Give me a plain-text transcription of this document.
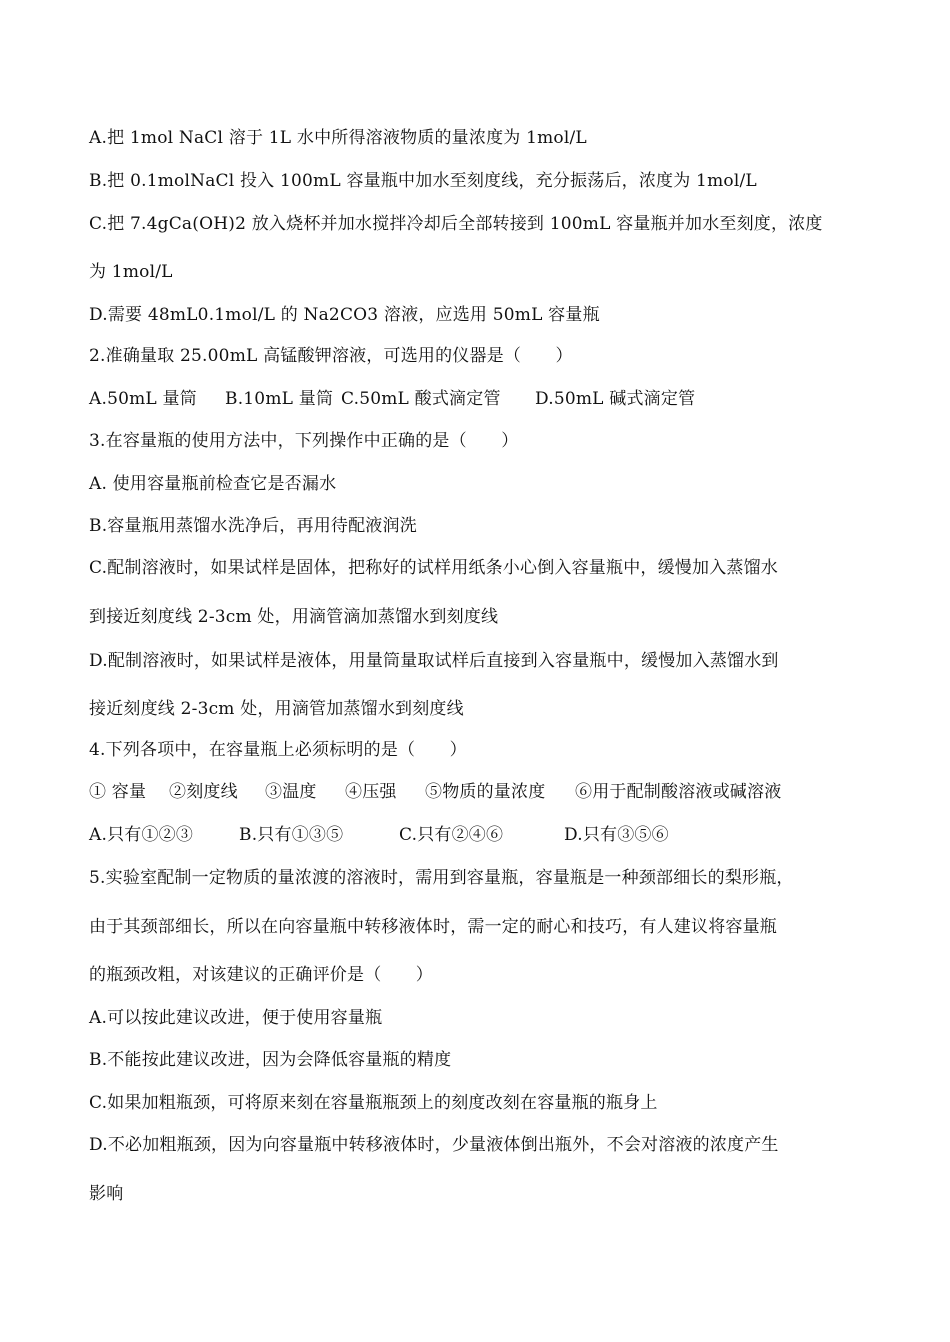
A.把 1mol NaCl 溶于 1L 水中所得溶液物质的量浓度为 1mol/L
B.把 0.1molNaCl 投入 100mL 容量瓶中加水至刻度线，充分振荡后，浓度为 1mol/L
C.把 7.4gCa(OH)2 放入烧杯并加水搅拌冷却后全部转接到 100mL 容量瓶并加水至刻度，浓度
为 1mol/L
D.需要 48mL0.1mol/L 的 Na2CO3 溶液，应选用 50mL 容量瓶
2.准确量取 25.00mL 高锰酸钾溶液，可选用的仪器是（　　）
A.50mL 量筒 B.10mL 量筒 C.50mL 酸式滴定管 D.50mL 碱式滴定管
3.在容量瓶的使用方法中，下列操作中正确的是（　　）
A. 使用容量瓶前检查它是否漏水
B.容量瓶用蒸馏水洗净后，再用待配液润洗
C.配制溶液时，如果试样是固体，把称好的试样用纸条小心倒入容量瓶中，缓慢加入蒸馏水
到接近刻度线 2-3cm 处，用滴管滴加蒸馏水到刻度线
D.配制溶液时，如果试样是液体，用量筒量取试样后直接到入容量瓶中，缓慢加入蒸馏水到
接近刻度线 2-3cm 处，用滴管加蒸馏水到刻度线
4.下列各项中，在容量瓶上必须标明的是（　　）
① 容量 ②刻度线 ③温度 ④压强 ⑤物质的量浓度 ⑥用于配制酸溶液或碱溶液
A.只有①②③	B.只有①③⑤	C.只有②④⑥	D.只有③⑤⑥
5.实验室配制一定物质的量浓渡的溶液时，需用到容量瓶，容量瓶是一种颈部细长的梨形瓶，
由于其颈部细长，所以在向容量瓶中转移液体时，需一定的耐心和技巧，有人建议将容量瓶
的瓶颈改粗，对该建议的正确评价是（　　）
A.可以按此建议改进，便于使用容量瓶
B.不能按此建议改进，因为会降低容量瓶的精度
C.如果加粗瓶颈，可将原来刻在容量瓶瓶颈上的刻度改刻在容量瓶的瓶身上
D.不必加粗瓶颈，因为向容量瓶中转移液体时，少量液体倒出瓶外，不会对溶液的浓度产生
影响
